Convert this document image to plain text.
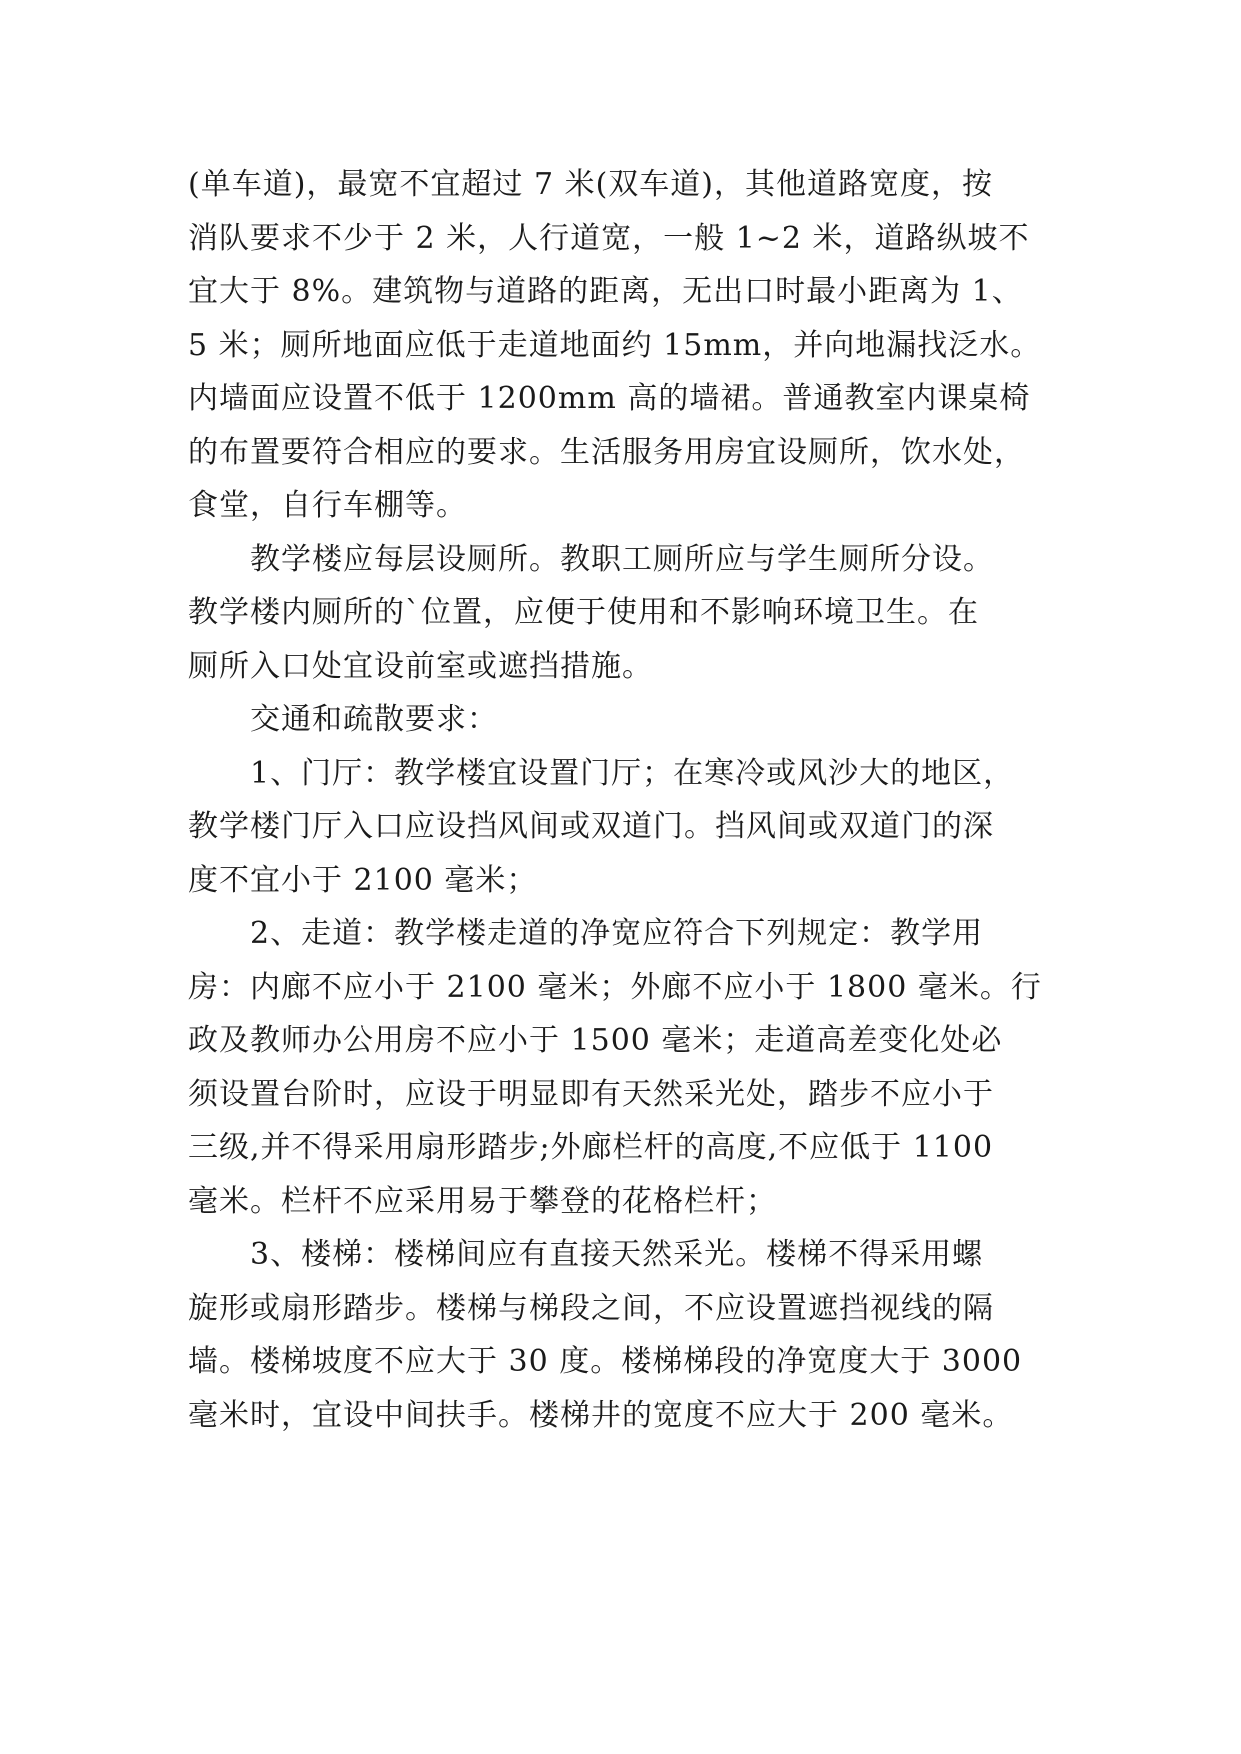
(单车道)，最宽不宜超过 7 米(双车道)，其他道路宽度，按
消队要求不少于 2 米，人行道宽，一般 1~2 米，道路纵坡不
宜大于 8%。建筑物与道路的距离，无出口时最小距离为 1、
5 米；厕所地面应低于走道地面约 15mm，并向地漏找泛水。
内墙面应设置不低于 1200mm 高的墙裙。普通教室内课桌椅
的布置要符合相应的要求。生活服务用房宜设厕所，饮水处，
食堂，自行车棚等。
教学楼应每层设厕所。教职工厕所应与学生厕所分设。
教学楼内厕所的`位置，应便于使用和不影响环境卫生。在
厕所入口处宜设前室或遮挡措施。
交通和疏散要求：
1、门厅：教学楼宜设置门厅；在寒冷或风沙大的地区，
教学楼门厅入口应设挡风间或双道门。挡风间或双道门的深
度不宜小于 2100 毫米；
2、走道：教学楼走道的净宽应符合下列规定：教学用
房：内廊不应小于 2100 毫米；外廊不应小于 1800 毫米。行
政及教师办公用房不应小于 1500 毫米；走道高差变化处必
须设置台阶时，应设于明显即有天然采光处，踏步不应小于
三级,并不得采用扇形踏步;外廊栏杆的高度,不应低于 1100
毫米。栏杆不应采用易于攀登的花格栏杆；
3、楼梯：楼梯间应有直接天然采光。楼梯不得采用螺
旋形或扇形踏步。楼梯与梯段之间，不应设置遮挡视线的隔
墙。楼梯坡度不应大于 30 度。楼梯梯段的净宽度大于 3000
毫米时，宜设中间扶手。楼梯井的宽度不应大于 200 毫米。
